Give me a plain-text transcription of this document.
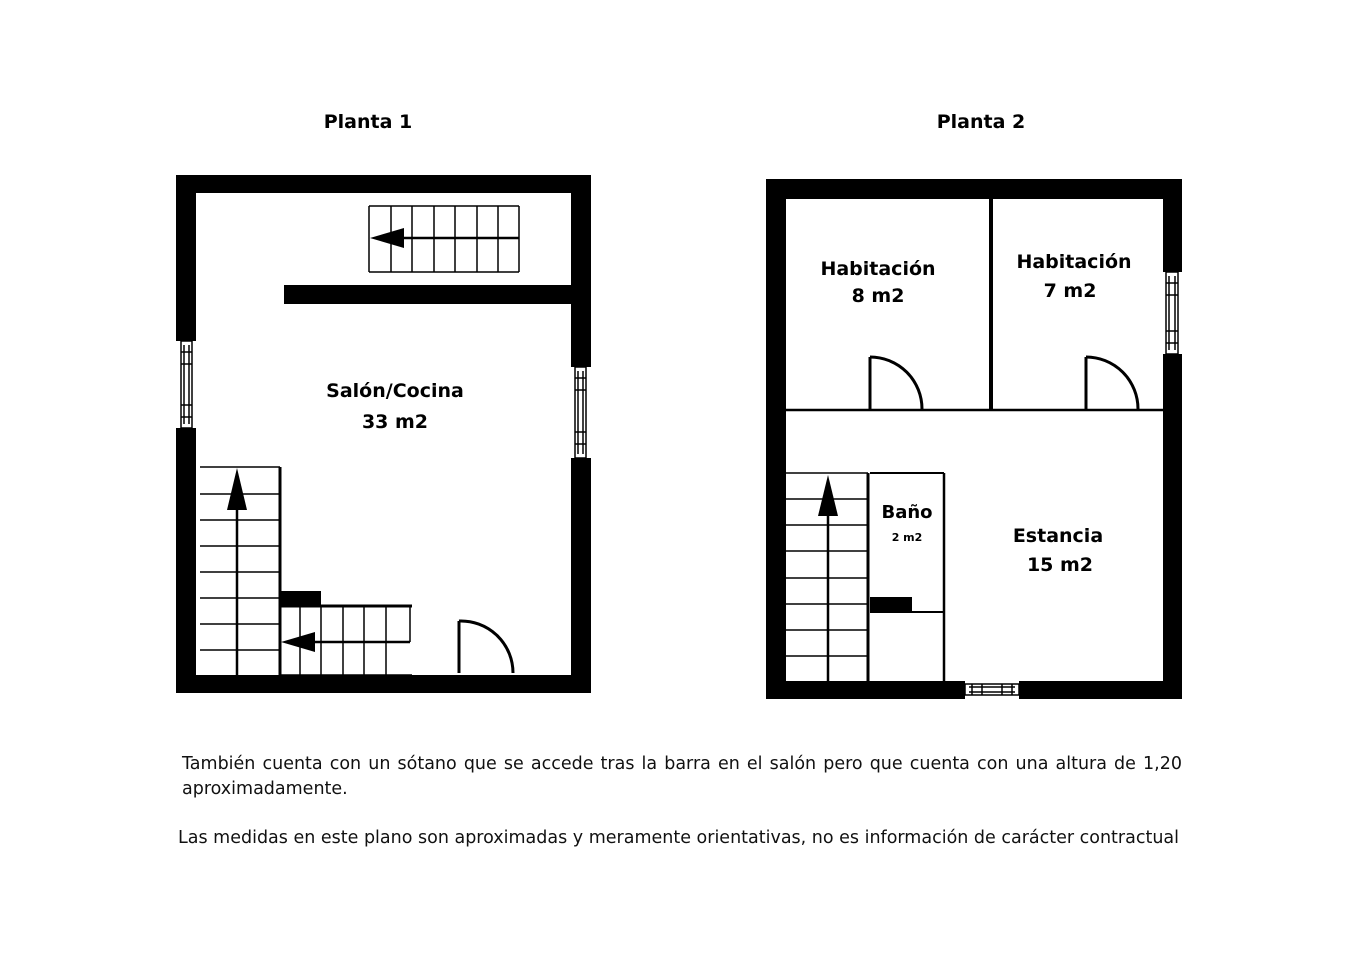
Planta 1	Planta 2
Salón/Cocina
33 m2
Habitación
8 m2
Habitación
7 m2
Baño
2 m2	Estancia
15 m2
También cuenta con un sótano que se accede tras la barra en el salón pero que cuenta con una altura de 1,20 aproximadamente.
Las medidas en este plano son aproximadas y meramente orientativas, no es información de carácter contractual
